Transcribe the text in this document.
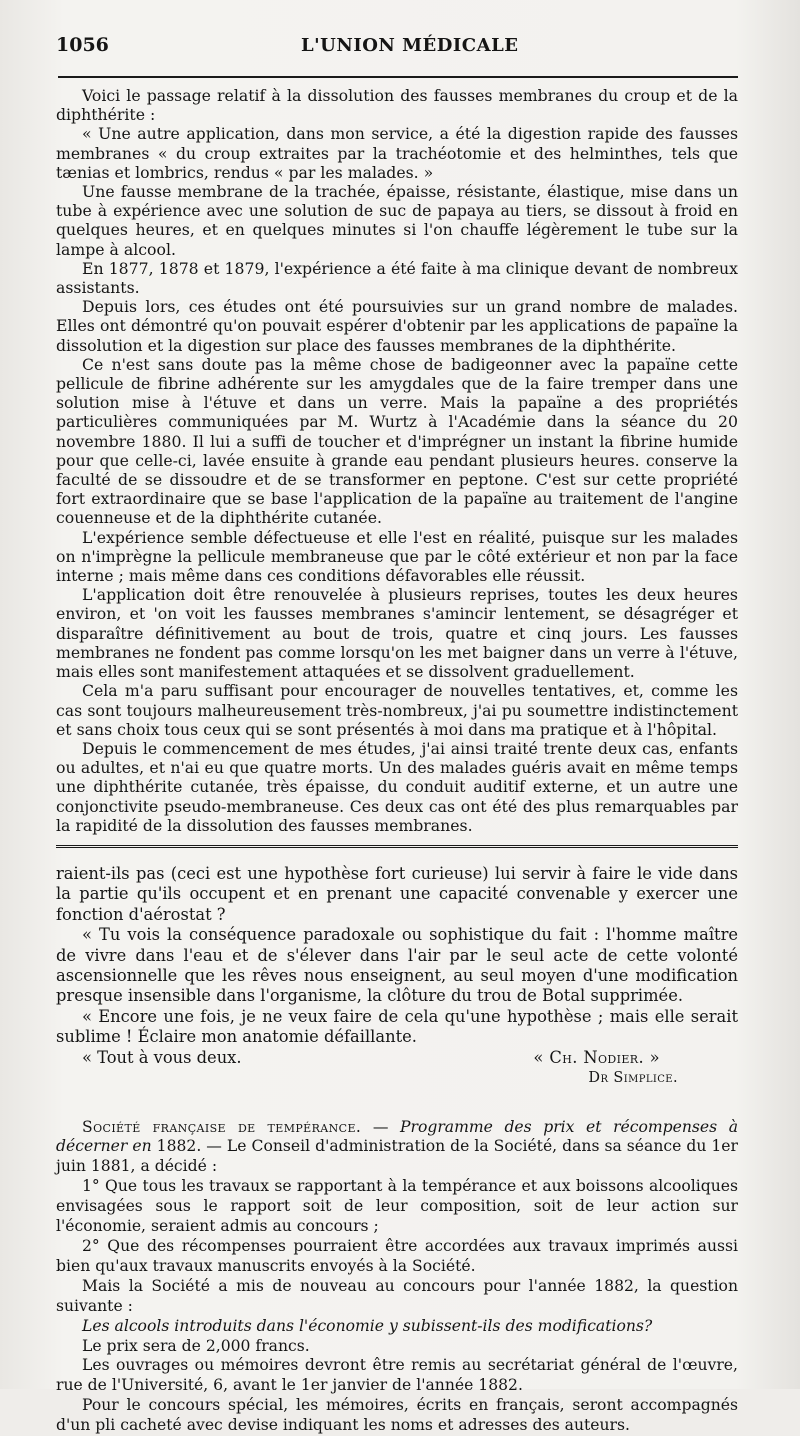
1056	L'UNION MÉDICALE

Voici le passage relatif à la dissolution des fausses membranes du croup et de la diphthérite :

« Une autre application, dans mon service, a été la digestion rapide des fausses membranes « du croup extraites par la trachéotomie et des helminthes, tels que tænias et lombrics, rendus « par les malades. »

Une fausse membrane de la trachée, épaisse, résistante, élastique, mise dans un tube à expérience avec une solution de suc de papaya au tiers, se dissout à froid en quelques heures, et en quelques minutes si l'on chauffe légèrement le tube sur la lampe à alcool.

En 1877, 1878 et 1879, l'expérience a été faite à ma clinique devant de nombreux assistants.

Depuis lors, ces études ont été poursuivies sur un grand nombre de malades. Elles ont démontré qu'on pouvait espérer d'obtenir par les applications de papaïne la dissolution et la digestion sur place des fausses membranes de la diphthérite.

Ce n'est sans doute pas la même chose de badigeonner avec la papaïne cette pellicule de fibrine adhérente sur les amygdales que de la faire tremper dans une solution mise à l'étuve et dans un verre. Mais la papaïne a des propriétés particulières communiquées par M. Wurtz à l'Académie dans la séance du 20 novembre 1880. Il lui a suffi de toucher et d'imprégner un instant la fibrine humide pour que celle-ci, lavée ensuite à grande eau pendant plusieurs heures. conserve la faculté de se dissoudre et de se transformer en peptone. C'est sur cette propriété fort extraordinaire que se base l'application de la papaïne au traitement de l'angine couenneuse et de la diphthérite cutanée.

L'expérience semble défectueuse et elle l'est en réalité, puisque sur les malades on n'imprègne la pellicule membraneuse que par le côté extérieur et non par la face interne ; mais même dans ces conditions défavorables elle réussit.

L'application doit être renouvelée à plusieurs reprises, toutes les deux heures environ, et 'on voit les fausses membranes s'amincir lentement, se désagréger et disparaître définitivement au bout de trois, quatre et cinq jours. Les fausses membranes ne fondent pas comme lorsqu'on les met baigner dans un verre à l'étuve, mais elles sont manifestement attaquées et se dissolvent graduellement.

Cela m'a paru suffisant pour encourager de nouvelles tentatives, et, comme les cas sont toujours malheureusement très-nombreux, j'ai pu soumettre indistinctement et sans choix tous ceux qui se sont présentés à moi dans ma pratique et à l'hôpital.

Depuis le commencement de mes études, j'ai ainsi traité trente deux cas, enfants ou adultes, et n'ai eu que quatre morts. Un des malades guéris avait en même temps une diphthérite cutanée, très épaisse, du conduit auditif externe, et un autre une conjonctivite pseudo-membraneuse. Ces deux cas ont été des plus remarquables par la rapidité de la dissolution des fausses membranes.

raient-ils pas (ceci est une hypothèse fort curieuse) lui servir à faire le vide dans la partie qu'ils occupent et en prenant une capacité convenable y exercer une fonction d'aérostat ?

« Tu vois la conséquence paradoxale ou sophistique du fait : l'homme maître de vivre dans l'eau et de s'élever dans l'air par le seul acte de cette volonté ascensionnelle que les rêves nous enseignent, au seul moyen d'une modification presque insensible dans l'organisme, la clôture du trou de Botal supprimée.

« Encore une fois, je ne veux faire de cela qu'une hypothèse ; mais elle serait sublime ! Éclaire mon anatomie défaillante.

« Tout à vous deux.	« Ch. Nodier. »
Dr Simplice.

Société française de tempérance. — Programme des prix et récompenses à décerner en 1882. — Le Conseil d'administration de la Société, dans sa séance du 1er juin 1881, a décidé :

1° Que tous les travaux se rapportant à la tempérance et aux boissons alcooliques envisagées sous le rapport soit de leur composition, soit de leur action sur l'économie, seraient admis au concours ;

2° Que des récompenses pourraient être accordées aux travaux imprimés aussi bien qu'aux travaux manuscrits envoyés à la Société.

Mais la Société a mis de nouveau au concours pour l'année 1882, la question suivante :

Les alcools introduits dans l'économie y subissent-ils des modifications?

Le prix sera de 2,000 francs.

Les ouvrages ou mémoires devront être remis au secrétariat général de l'œuvre, rue de l'Université, 6, avant le 1er janvier de l'année 1882.

Pour le concours spécial, les mémoires, écrits en français, seront accompagnés d'un pli cacheté avec devise indiquant les noms et adresses des auteurs.
